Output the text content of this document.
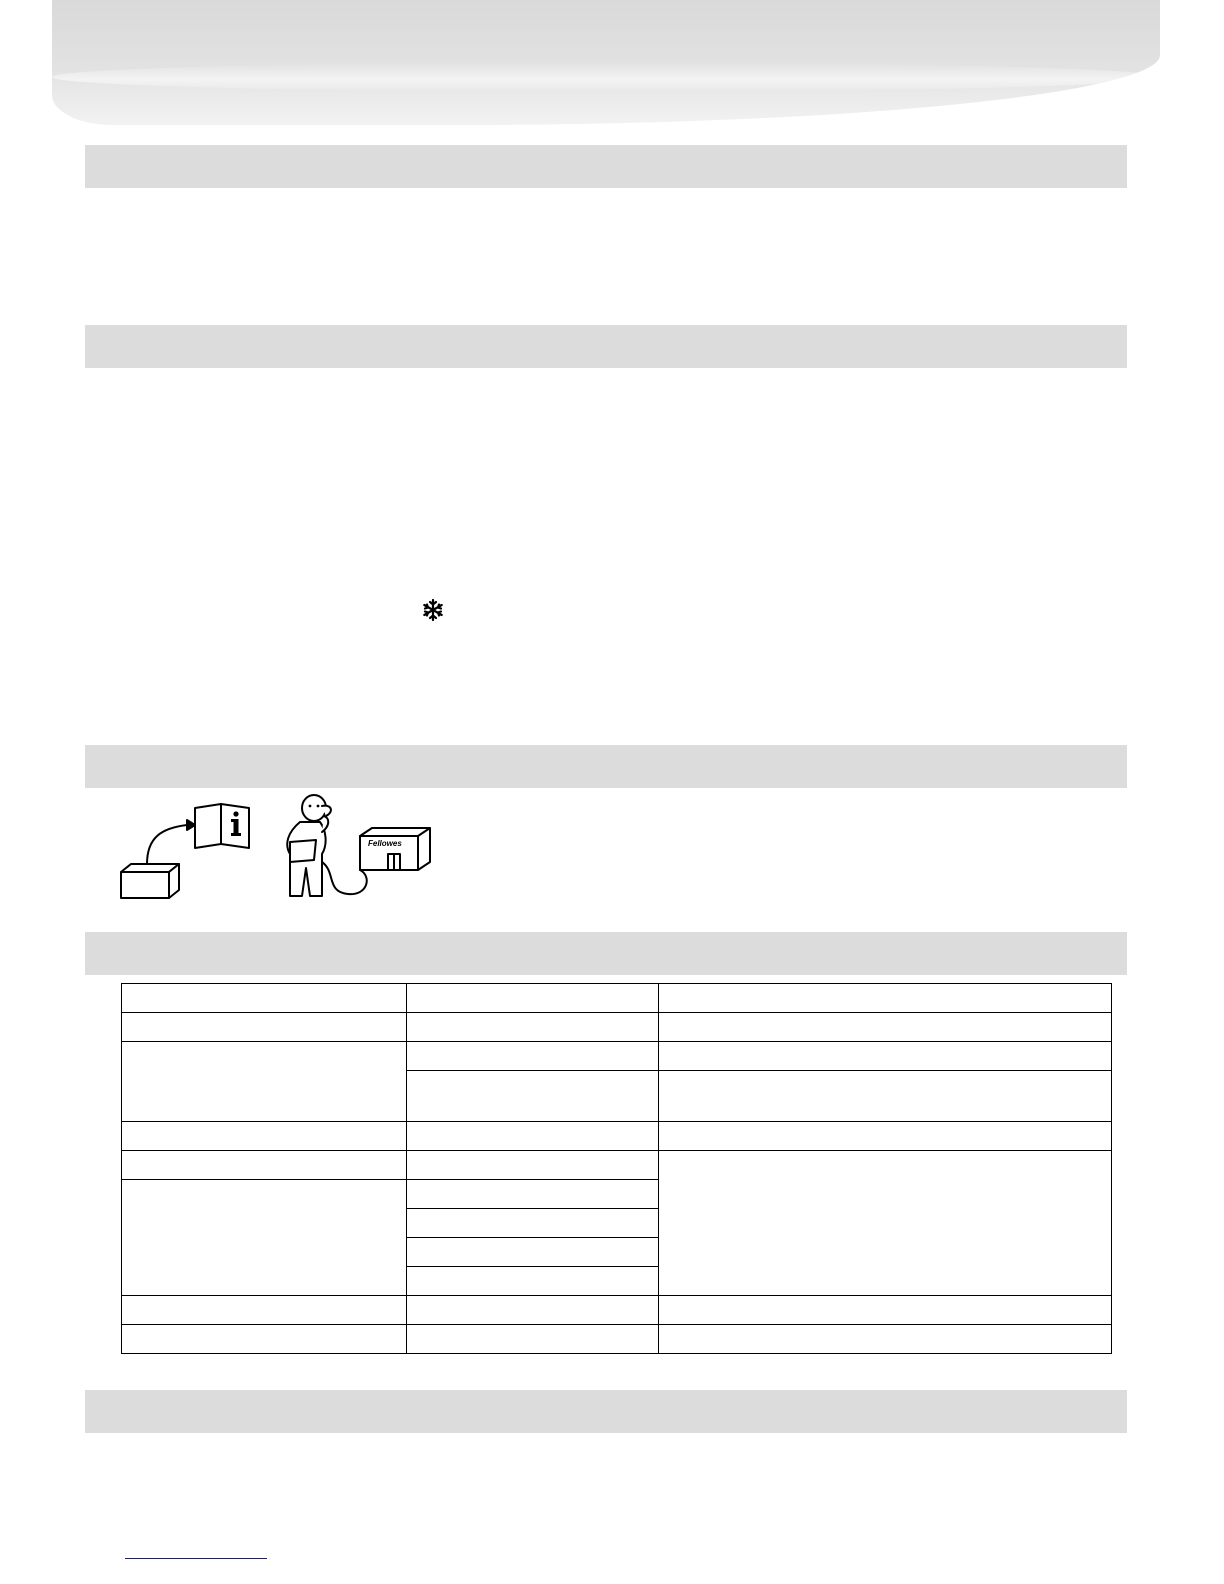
Fellowes
